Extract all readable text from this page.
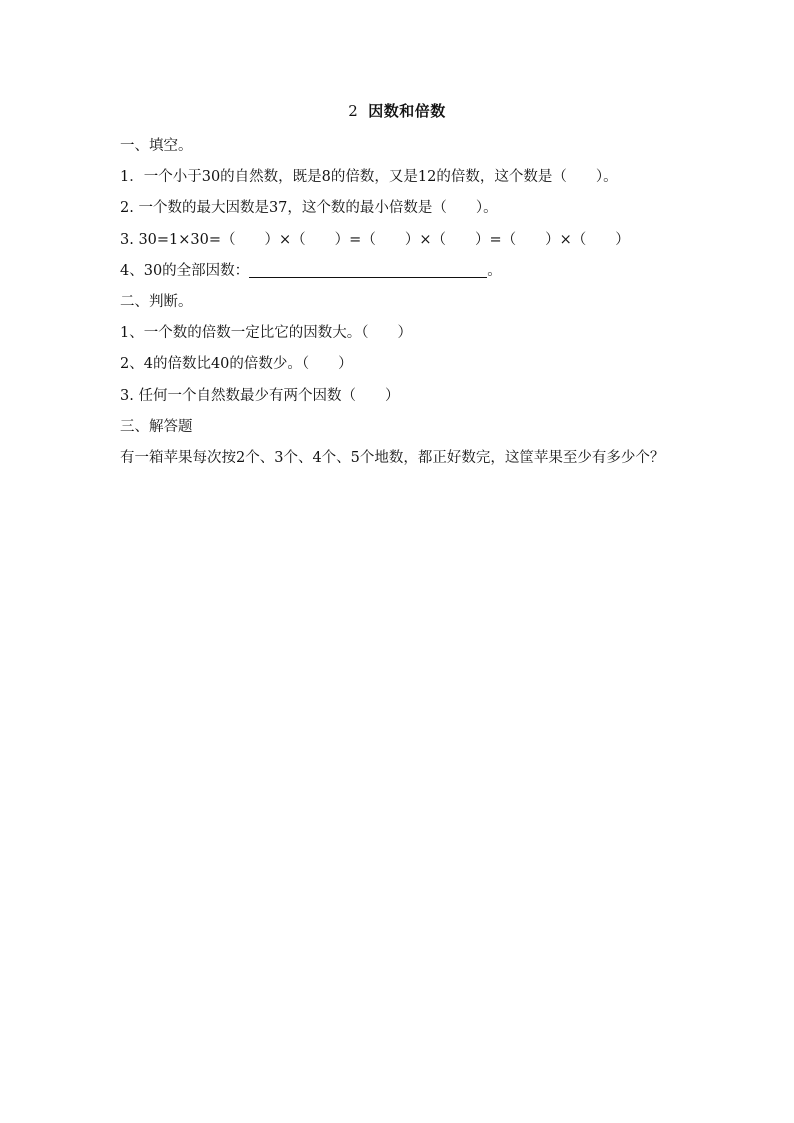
2 因数和倍数
一、填空。
1．一个小于30的自然数，既是8的倍数，又是12的倍数，这个数是（　　）。
2. 一个数的最大因数是37，这个数的最小倍数是（　　）。
3. 30=1×30=（　　）×（　　）=（　　）×（　　）=（　　）×（　　）
4、30的全部因数：	。
二、判断。
1、一个数的倍数一定比它的因数大。（　　）
2、4的倍数比40的倍数少。（　　）
3. 任何一个自然数最少有两个因数（　　）
三、解答题
有一箱苹果每次按2个、3个、4个、5个地数，都正好数完，这筐苹果至少有多少个？
